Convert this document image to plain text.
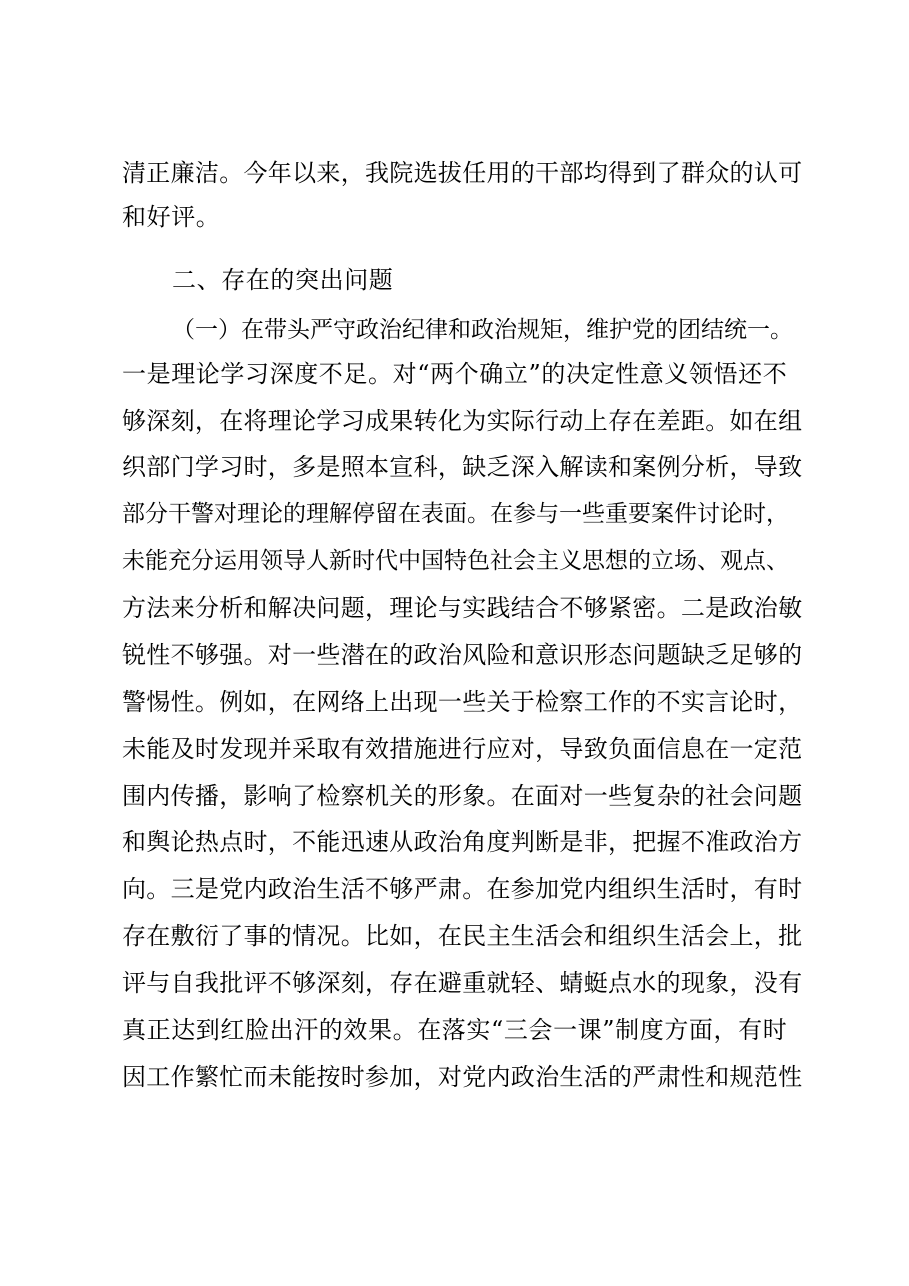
清正廉洁。今年以来，我院选拔任用的干部均得到了群众的认可
和好评。
二、存在的突出问题
（一）在带头严守政治纪律和政治规矩，维护党的团结统一。
一是理论学习深度不足。对“两个确立”的决定性意义领悟还不
够深刻，在将理论学习成果转化为实际行动上存在差距。如在组
织部门学习时，多是照本宣科，缺乏深入解读和案例分析，导致
部分干警对理论的理解停留在表面。在参与一些重要案件讨论时，
未能充分运用领导人新时代中国特色社会主义思想的立场、观点、
方法来分析和解决问题，理论与实践结合不够紧密。二是政治敏
锐性不够强。对一些潜在的政治风险和意识形态问题缺乏足够的
警惕性。例如，在网络上出现一些关于检察工作的不实言论时，
未能及时发现并采取有效措施进行应对，导致负面信息在一定范
围内传播，影响了检察机关的形象。在面对一些复杂的社会问题
和舆论热点时，不能迅速从政治角度判断是非，把握不准政治方
向。三是党内政治生活不够严肃。在参加党内组织生活时，有时
存在敷衍了事的情况。比如，在民主生活会和组织生活会上，批
评与自我批评不够深刻，存在避重就轻、蜻蜓点水的现象，没有
真正达到红脸出汗的效果。在落实“三会一课”制度方面，有时
因工作繁忙而未能按时参加，对党内政治生活的严肃性和规范性
